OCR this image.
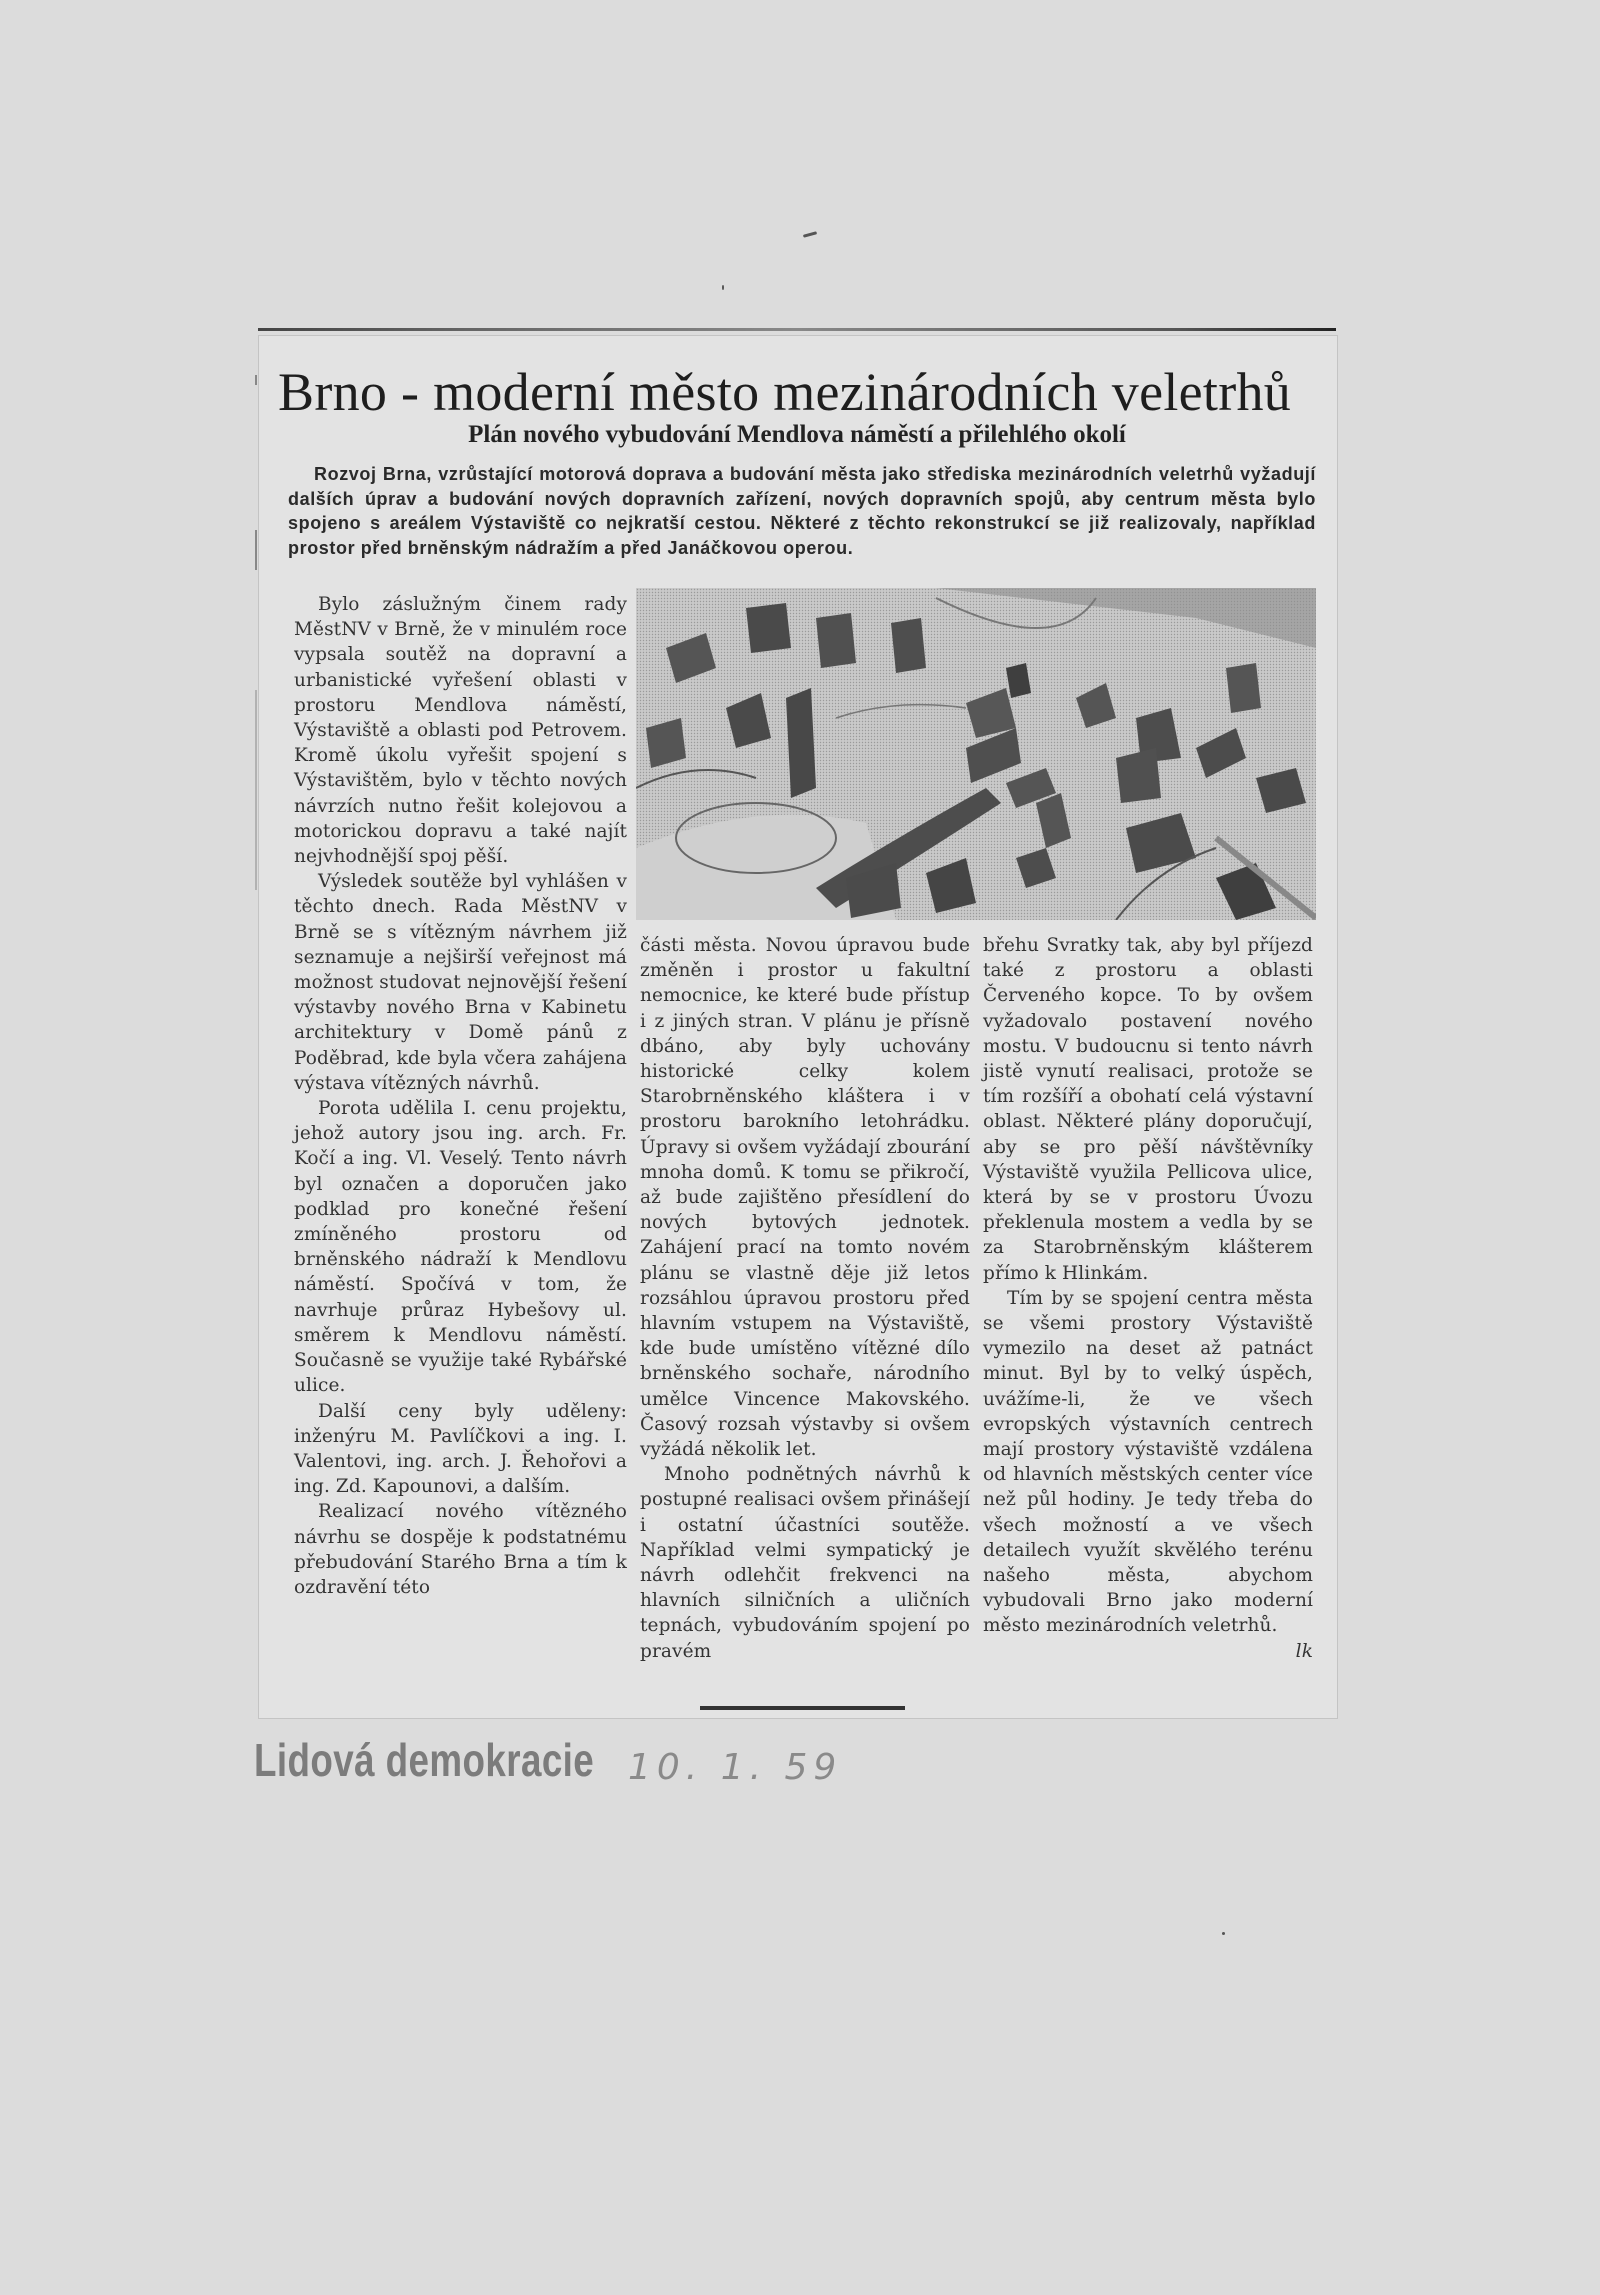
Brno - moderní město mezinárodních veletrhů
Plán nového vybudování Mendlova náměstí a přilehlého okolí

Rozvoj Brna, vzrůstající motorová doprava a budování města jako střediska mezinárodních veletrhů vyžadují dalších úprav a budování nových dopravních zařízení, nových dopravních spojů, aby centrum města bylo spojeno s areálem Výstaviště co nejkratší cestou. Některé z těchto rekonstrukcí se již realizovaly, například prostor před brněnským nádražím a před Janáčkovou operou.

Bylo záslužným činem rady MěstNV v Brně, že v minulém roce vypsala soutěž na dopravní a urbanistické vyřešení oblasti v prostoru Mendlova náměstí, Výstaviště a oblasti pod Petrovem. Kromě úkolu vyřešit spojení s Výstavištěm, bylo v těchto nových návrzích nutno řešit kolejovou a motorickou dopravu a také najít nejvhodnější spoj pěší.

Výsledek soutěže byl vyhlášen v těchto dnech. Rada MěstNV v Brně se s vítězným návrhem již seznamuje a nejširší veřejnost má možnost studovat nejnovější řešení výstavby nového Brna v Kabinetu architektury v Domě pánů z Poděbrad, kde byla včera zahájena výstava vítězných návrhů.

Porota udělila I. cenu projektu, jehož autory jsou ing. arch. Fr. Kočí a ing. Vl. Veselý. Tento návrh byl označen a doporučen jako podklad pro konečné řešení zmíněného prostoru od brněnského nádraží k Mendlovu náměstí. Spočívá v tom, že navrhuje průraz Hybešovy ul. směrem k Mendlovu náměstí. Současně se využije také Rybářské ulice.

Další ceny byly uděleny: inženýru M. Pavlíčkovi a ing. I. Valentovi, ing. arch. J. Řehořovi a ing. Zd. Kapounovi, a dalším.

Realizací nového vítězného návrhu se dospěje k podstatnému přebudování Starého Brna a tím k ozdravění této

části města. Novou úpravou bude změněn i prostor u fakultní nemocnice, ke které bude přístup i z jiných stran. V plánu je přísně dbáno, aby byly uchovány historické celky kolem Starobrněnského kláštera i v prostoru barokního letohrádku. Úpravy si ovšem vyžádají zbourání mnoha domů. K tomu se přikročí, až bude zajištěno přesídlení do nových bytových jednotek. Zahájení prací na tomto novém plánu se vlastně děje již letos rozsáhlou úpravou prostoru před hlavním vstupem na Výstaviště, kde bude umístěno vítězné dílo brněnského sochaře, národního umělce Vincence Makovského. Časový rozsah výstavby si ovšem vyžádá několik let.

Mnoho podnětných návrhů k postupné realisaci ovšem přinášejí i ostatní účastníci soutěže. Například velmi sympatický je návrh odlehčit frekvenci na hlavních silničních a uličních tepnách, vybudováním spojení po pravém

břehu Svratky tak, aby byl příjezd také z prostoru a oblasti Červeného kopce. To by ovšem vyžadovalo postavení nového mostu. V budoucnu si tento návrh jistě vynutí realisaci, protože se tím rozšíří a obohatí celá výstavní oblast. Některé plány doporučují, aby se pro pěší návštěvníky Výstaviště využila Pellicova ulice, která by se v prostoru Úvozu překlenula mostem a vedla by se za Starobrněnským klášterem přímo k Hlinkám.

Tím by se spojení centra města se všemi prostory Výstaviště vymezilo na deset až patnáct minut. Byl by to velký úspěch, uvážíme-li, že ve všech evropských výstavních centrech mají prostory výstaviště vzdálena od hlavních městských center více než půl hodiny. Je tedy třeba do všech možností a ve všech detailech využít skvělého terénu našeho města, abychom vybudovali Brno jako moderní město mezinárodních veletrhů.
lk

Lidová demokracie 10. 1. 59
